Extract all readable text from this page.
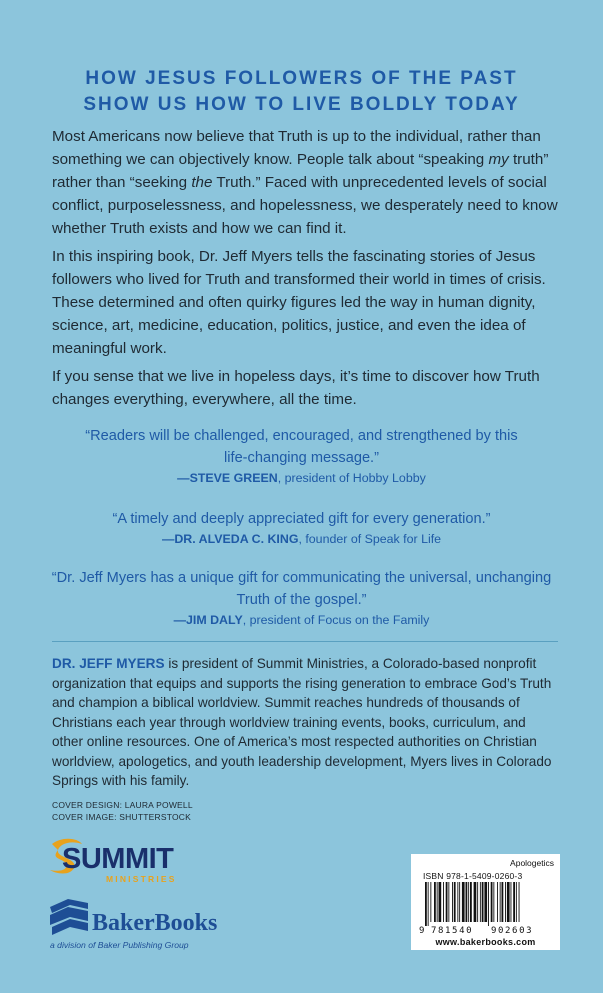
HOW JESUS FOLLOWERS OF THE PAST
SHOW US HOW TO LIVE BOLDLY TODAY
Most Americans now believe that Truth is up to the individual, rather than something we can objectively know. People talk about “speaking my truth” rather than “seeking the Truth.” Faced with unprecedented levels of social conflict, purposelessness, and hopelessness, we desperately need to know whether Truth exists and how we can find it.
In this inspiring book, Dr. Jeff Myers tells the fascinating stories of Jesus followers who lived for Truth and transformed their world in times of crisis. These determined and often quirky figures led the way in human dignity, science, art, medicine, education, politics, justice, and even the idea of meaningful work.
If you sense that we live in hopeless days, it’s time to discover how Truth changes everything, everywhere, all the time.
“Readers will be challenged, encouraged, and strengthened by this life-changing message.”
—STEVE GREEN, president of Hobby Lobby
“A timely and deeply appreciated gift for every generation.”
—DR. ALVEDA C. KING, founder of Speak for Life
“Dr. Jeff Myers has a unique gift for communicating the universal, unchanging Truth of the gospel.”
—JIM DALY, president of Focus on the Family
DR. JEFF MYERS is president of Summit Ministries, a Colorado-based nonprofit organization that equips and supports the rising generation to embrace God’s Truth and champion a biblical worldview. Summit reaches hundreds of thousands of Christians each year through worldview training events, books, curriculum, and other online resources. One of America’s most respected authorities on Christian worldview, apologetics, and youth leadership development, Myers lives in Colorado Springs with his family.
COVER DESIGN: LAURA POWELL
COVER IMAGE: SHUTTERSTOCK
SUMMIT
MINISTRIES
BakerBooks
a division of Baker Publishing Group
Apologetics
ISBN 978-1-5409-0260-3
9 781540 902603
www.bakerbooks.com
